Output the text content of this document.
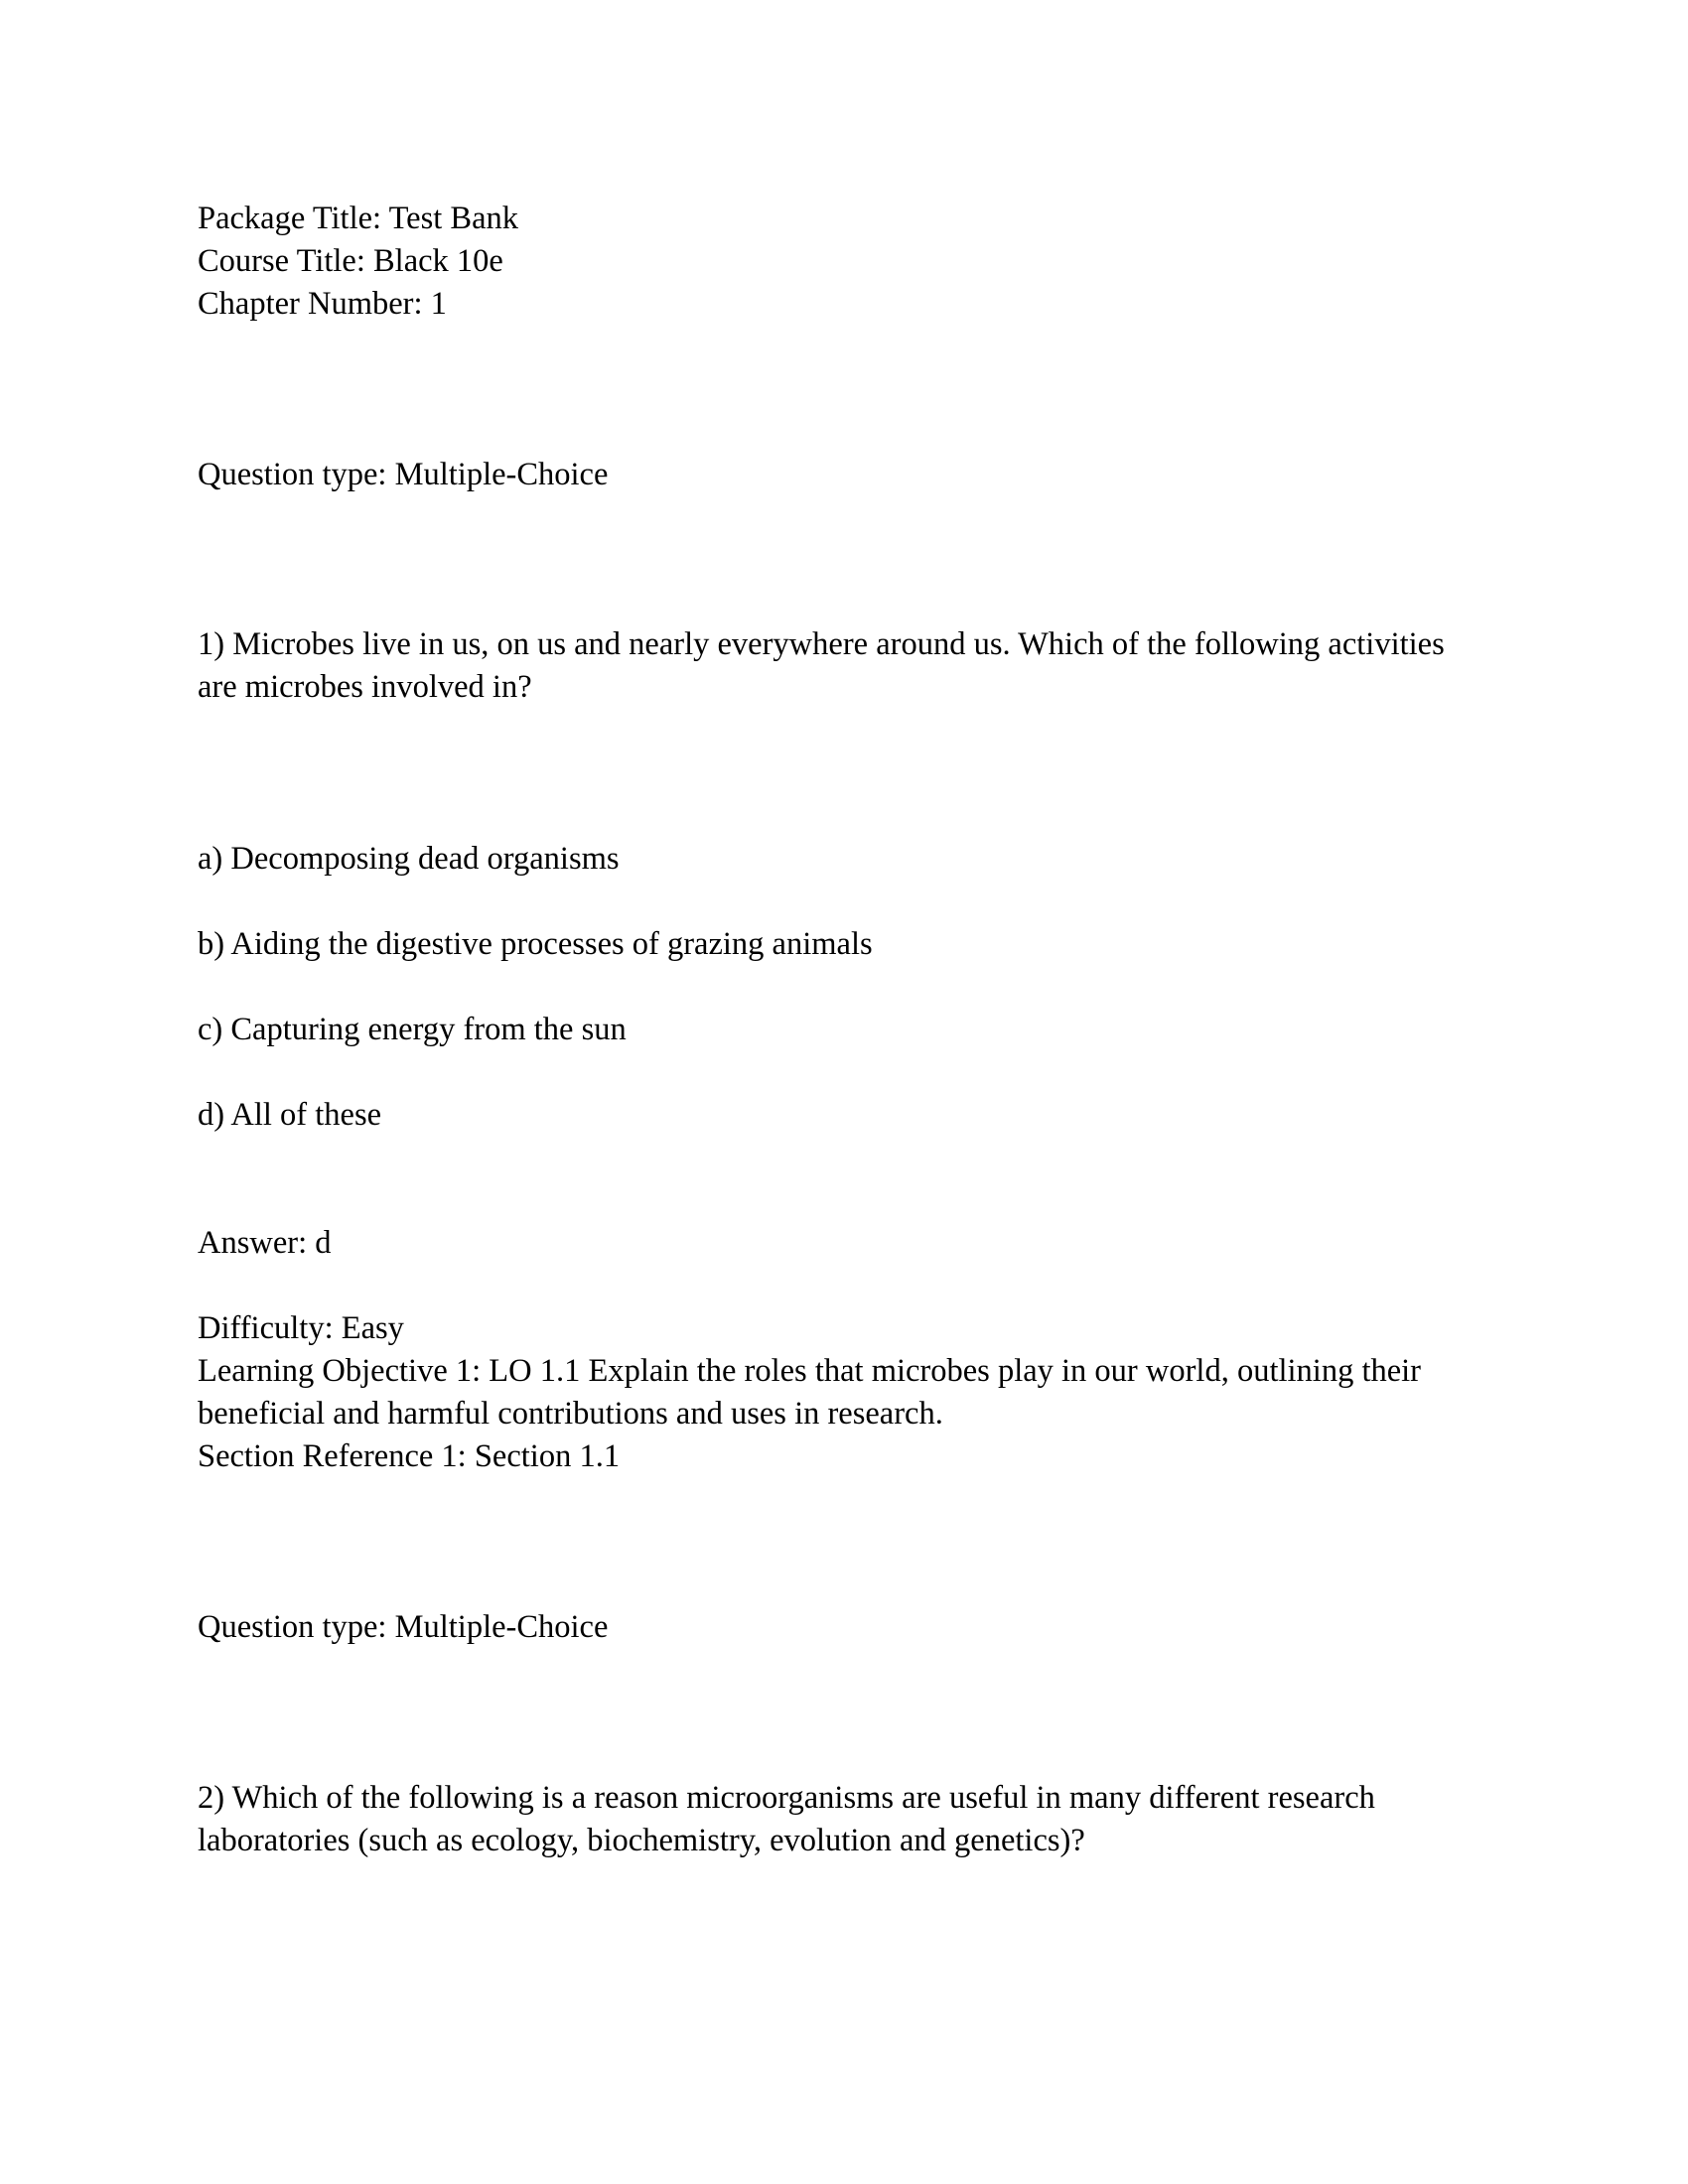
Package Title: Test Bank

Course Title: Black 10e

Chapter Number: 1

Question type: Multiple-Choice

1) Microbes live in us, on us and nearly everywhere around us. Which of the following activities

are microbes involved in?

a) Decomposing dead organisms

b) Aiding the digestive processes of grazing animals

c) Capturing energy from the sun

d) All of these

Answer: d

Difficulty: Easy

Learning Objective 1: LO 1.1 Explain the roles that microbes play in our world, outlining their

beneficial and harmful contributions and uses in research.

Section Reference 1: Section 1.1

Question type: Multiple-Choice

2) Which of the following is a reason microorganisms are useful in many different research

laboratories (such as ecology, biochemistry, evolution and genetics)?
